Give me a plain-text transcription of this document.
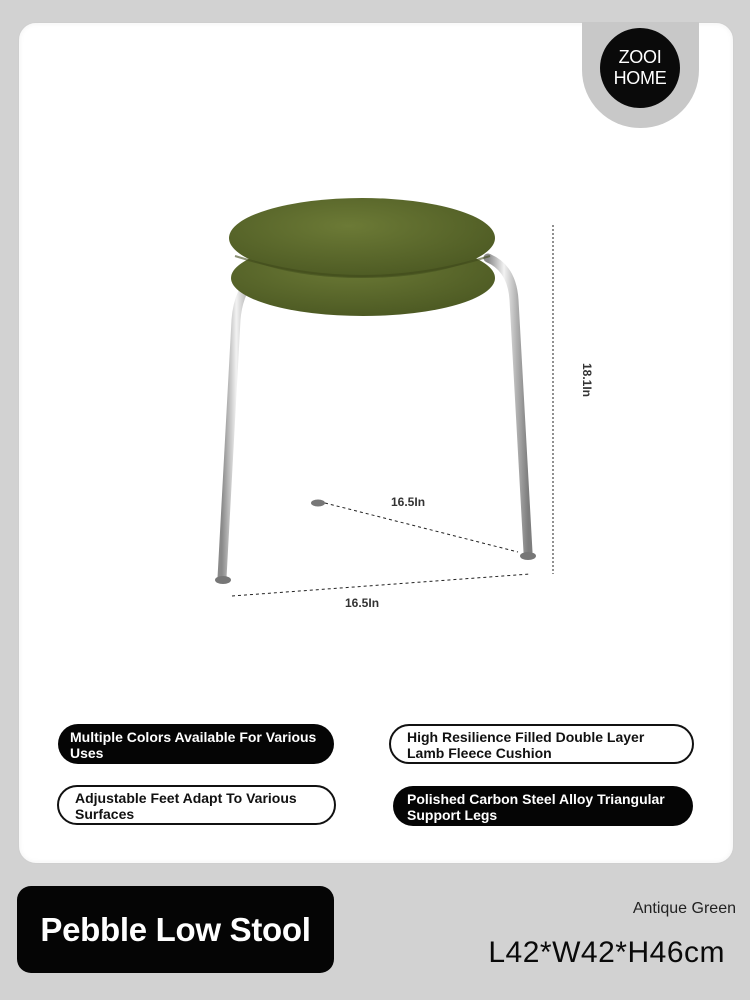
ZOOI
HOME
18.1In
16.5In
16.5In
Multiple Colors Available For Various Uses
High Resilience Filled Double Layer Lamb Fleece Cushion
Adjustable Feet Adapt To Various Surfaces
Polished Carbon Steel Alloy Triangular Support Legs
Pebble Low Stool
Antique Green
L42*W42*H46cm
